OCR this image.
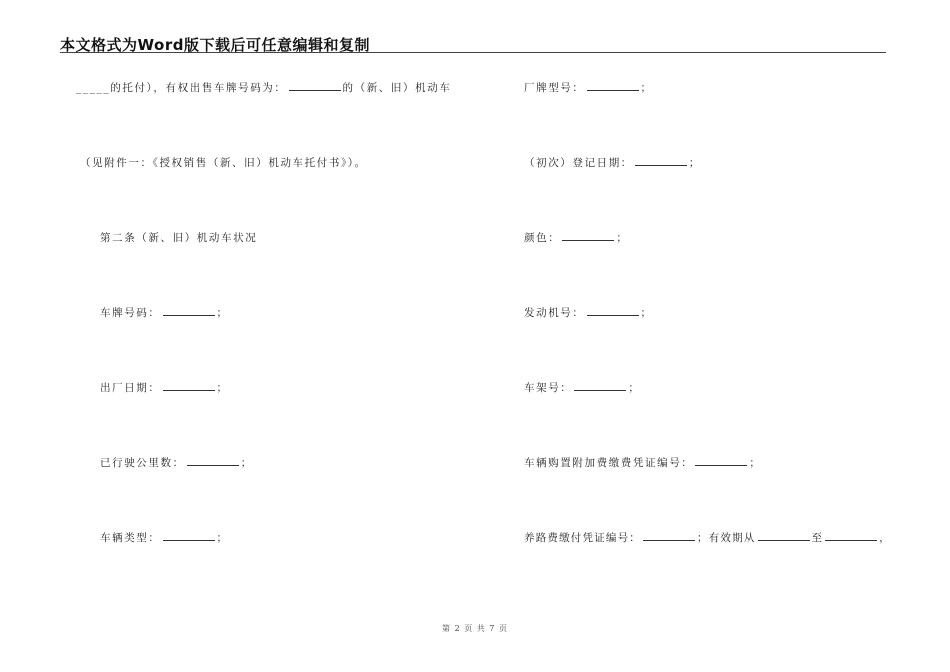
本文格式为Word版下载后可任意编辑和复制
_____的托付），有权出售车牌号码为：	的（新、旧）机动车
（见附件一：《授权销售（新、旧）机动车托付书》）。
第二条（新、旧）机动车状况
车牌号码：	；
出厂日期：	；
已行驶公里数：	；
车辆类型：	；
厂牌型号：	；
（初次）登记日期：	；
颜色：	；
发动机号：	；
车架号：	；
车辆购置附加费缴费凭证编号：	；
养路费缴付凭证编号：	；有效期从	至	，
第 2 页 共 7 页
